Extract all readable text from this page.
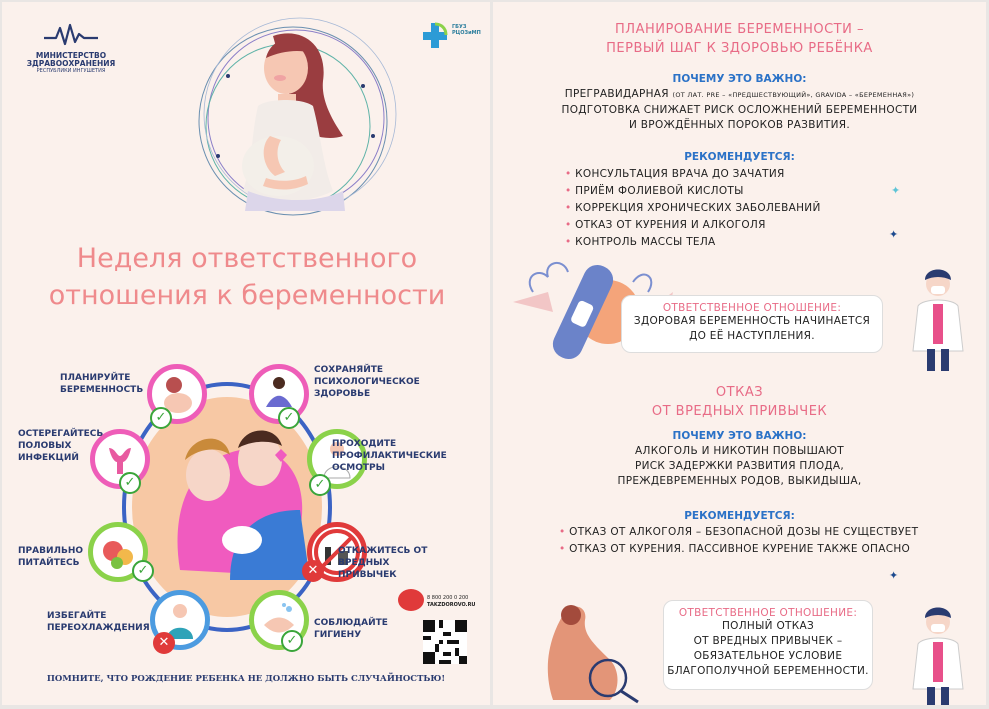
МИНИСТЕРСТВО
ЗДРАВООХРАНЕНИЯ
РЕСПУБЛИКИ ИНГУШЕТИЯ
ГБУЗ РЦОЗиМП
Неделя ответственного
отношения к беременности
✓	✓
✓	✓
✓	✕
✕	✓
ПЛАНИРУЙТЕ БЕРЕМЕННОСТЬ
СОХРАНЯЙТЕ ПСИХОЛОГИЧЕСКОЕ ЗДОРОВЬЕ
ОСТЕРЕГАЙТЕСЬ ПОЛОВЫХ ИНФЕКЦИЙ
ПРОХОДИТЕ ПРОФИЛАКТИЧЕСКИЕ ОСМОТРЫ
ПРАВИЛЬНО ПИТАЙТЕСЬ
ОТКАЖИТЕСЬ ОТ ВРЕДНЫХ ПРИВЫЧЕК
ИЗБЕГАЙТЕ ПЕРЕОХЛАЖДЕНИЯ	СОБЛЮДАЙТЕ ГИГИЕНУ
8 800 200 0 200
TAKZDOROVO.RU
ПОМНИТЕ, ЧТО РОЖДЕНИЕ РЕБЕНКА НЕ ДОЛЖНО БЫТЬ СЛУЧАЙНОСТЬЮ!
ПЛАНИРОВАНИЕ БЕРЕМЕННОСТИ –
ПЕРВЫЙ ШАГ К ЗДОРОВЬЮ РЕБЁНКА
ПОЧЕМУ ЭТО ВАЖНО:
ПРЕГРАВИДАРНАЯ (ОТ ЛАТ. PRE – «ПРЕДШЕСТВУЮЩИЙ», GRAVIDA – «БЕРЕМЕННАЯ»)
ПОДГОТОВКА СНИЖАЕТ РИСК ОСЛОЖНЕНИЙ БЕРЕМЕННОСТИ
И ВРОЖДЁННЫХ ПОРОКОВ РАЗВИТИЯ.
РЕКОМЕНДУЕТСЯ:
• КОНСУЛЬТАЦИЯ ВРАЧА ДО ЗАЧАТИЯ
• ПРИЁМ ФОЛИЕВОЙ КИСЛОТЫ
• КОРРЕКЦИЯ ХРОНИЧЕСКИХ ЗАБОЛЕВАНИЙ
• ОТКАЗ ОТ КУРЕНИЯ И АЛКОГОЛЯ
• КОНТРОЛЬ МАССЫ ТЕЛА
✦
✦
ОТВЕТСТВЕННОЕ ОТНОШЕНИЕ:
ЗДОРОВАЯ БЕРЕМЕННОСТЬ НАЧИНАЕТСЯ
ДО ЕЁ НАСТУПЛЕНИЯ.
ОТКАЗ
ОТ ВРЕДНЫХ ПРИВЫЧЕК
ПОЧЕМУ ЭТО ВАЖНО:
АЛКОГОЛЬ И НИКОТИН ПОВЫШАЮТ
РИСК ЗАДЕРЖКИ РАЗВИТИЯ ПЛОДА,
ПРЕЖДЕВРЕМЕННЫХ РОДОВ, ВЫКИДЫША,
РЕКОМЕНДУЕТСЯ:
• ОТКАЗ ОТ АЛКОГОЛЯ – БЕЗОПАСНОЙ ДОЗЫ НЕ СУЩЕСТВУЕТ
• ОТКАЗ ОТ КУРЕНИЯ. ПАССИВНОЕ КУРЕНИЕ ТАКЖЕ ОПАСНО
✦
ОТВЕТСТВЕННОЕ ОТНОШЕНИЕ:
ПОЛНЫЙ ОТКАЗ
ОТ ВРЕДНЫХ ПРИВЫЧЕК –
ОБЯЗАТЕЛЬНОЕ УСЛОВИЕ
БЛАГОПОЛУЧНОЙ БЕРЕМЕННОСТИ.
